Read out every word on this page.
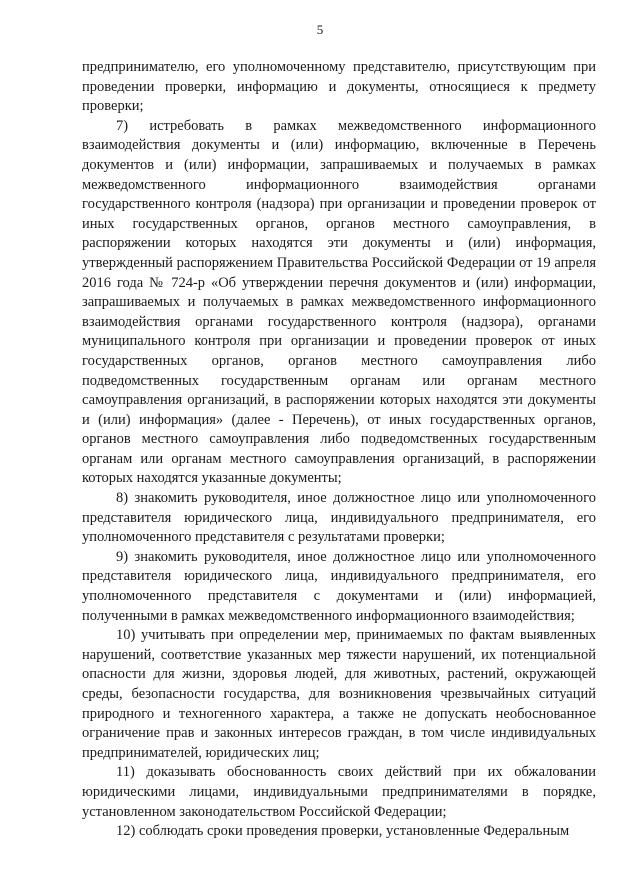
5

предпринимателю, его уполномоченному представителю, присутствующим при проведении проверки, информацию и документы, относящиеся к предмету проверки;

7) истребовать в рамках межведомственного информационного взаимодействия документы и (или) информацию, включенные в Перечень документов и (или) информации, запрашиваемых и получаемых в рамках межведомственного информационного взаимодействия органами государственного контроля (надзора) при организации и проведении проверок от иных государственных органов, органов местного самоуправления, в распоряжении которых находятся эти документы и (или) информация, утвержденный распоряжением Правительства Российской Федерации от 19 апреля 2016 года № 724-р «Об утверждении перечня документов и (или) информации, запрашиваемых и получаемых в рамках межведомственного информационного взаимодействия органами государственного контроля (надзора), органами муниципального контроля при организации и проведении проверок от иных государственных органов, органов местного самоуправления либо подведомственных государственным органам или органам местного самоуправления организаций, в распоряжении которых находятся эти документы и (или) информация» (далее - Перечень), от иных государственных органов, органов местного самоуправления либо подведомственных государственным органам или органам местного самоуправления организаций, в распоряжении которых находятся указанные документы;

8) знакомить руководителя, иное должностное лицо или уполномоченного представителя юридического лица, индивидуального предпринимателя, его уполномоченного представителя с результатами проверки;

9) знакомить руководителя, иное должностное лицо или уполномоченного представителя юридического лица, индивидуального предпринимателя, его уполномоченного представителя с документами и (или) информацией, полученными в рамках межведомственного информационного взаимодействия;

10) учитывать при определении мер, принимаемых по фактам выявленных нарушений, соответствие указанных мер тяжести нарушений, их потенциальной опасности для жизни, здоровья людей, для животных, растений, окружающей среды, безопасности государства, для возникновения чрезвычайных ситуаций природного и техногенного характера, а также не допускать необоснованное ограничение прав и законных интересов граждан, в том числе индивидуальных предпринимателей, юридических лиц;

11) доказывать обоснованность своих действий при их обжаловании юридическими лицами, индивидуальными предпринимателями в порядке, установленном законодательством Российской Федерации;

12) соблюдать сроки проведения проверки, установленные Федеральным
